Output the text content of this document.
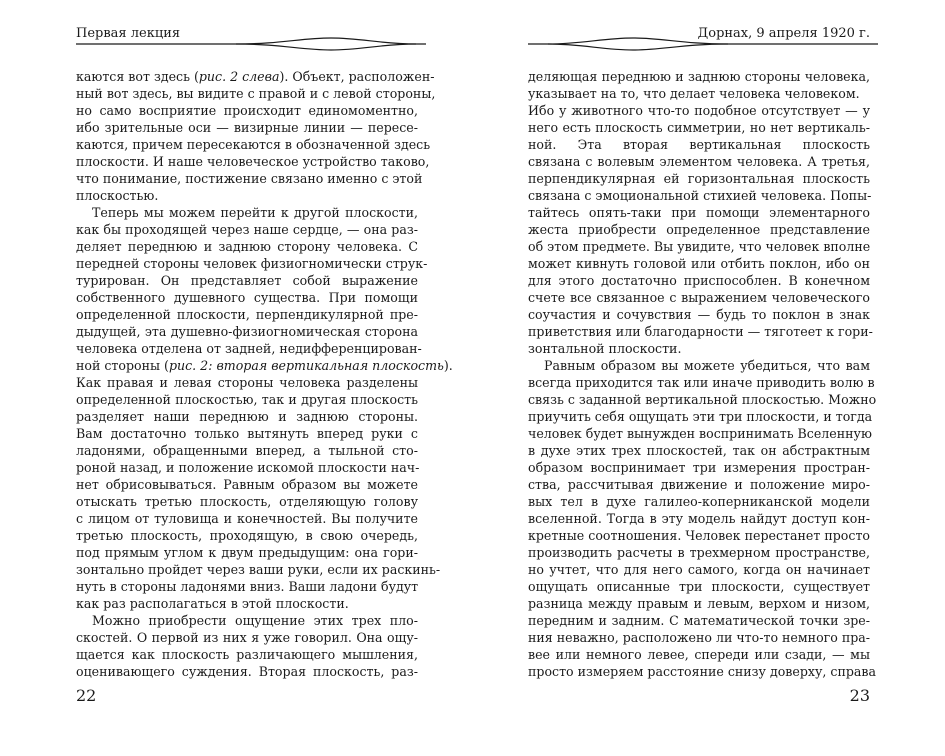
Первая лекция
каются вот здесь (рис. 2 слева). Объект, расположен-
ный вот здесь, вы видите с правой и с левой стороны,
но само восприятие происходит единомоментно,
ибо зрительные оси — визирные линии — пересе-
каются, причем пересекаются в обозначенной здесь
плоскости. И наше человеческое устройство таково,
что понимание, постижение связано именно с этой
плоскостью.
Теперь мы можем перейти к другой плоскости,
как бы проходящей через наше сердце, — она раз-
деляет переднюю и заднюю сторону человека. С
передней стороны человек физиогномически струк-
турирован. Он представляет собой выражение
собственного душевного существа. При помощи
определенной плоскости, перпендикулярной пре-
дыдущей, эта душевно-физиогномическая сторона
человека отделена от задней, недифференцирован-
ной стороны (рис. 2: вторая вертикальная плоскость).
Как правая и левая стороны человека разделены
определенной плоскостью, так и другая плоскость
разделяет наши переднюю и заднюю стороны.
Вам достаточно только вытянуть вперед руки с
ладонями, обращенными вперед, а тыльной сто-
роной назад, и положение искомой плоскости нач-
нет обрисовываться. Равным образом вы можете
отыскать третью плоскость, отделяющую голову
с лицом от туловища и конечностей. Вы получите
третью плоскость, проходящую, в свою очередь,
под прямым углом к двум предыдущим: она гори-
зонтально пройдет через ваши руки, если их раскинь-
нуть в стороны ладонями вниз. Ваши ладони будут
как раз располагаться в этой плоскости.
Можно приобрести ощущение этих трех пло-
скостей. О первой из них я уже говорил. Она ощу-
щается как плоскость различающего мышления,
оценивающего суждения. Вторая плоскость, раз-
22
Дорнах, 9 апреля 1920 г.
деляющая переднюю и заднюю стороны человека,
указывает на то, что делает человека человеком.
Ибо у животного что-то подобное отсутствует — у
него есть плоскость симметрии, но нет вертикаль-
ной. Эта вторая вертикальная плоскость
связана с волевым элементом человека. А третья,
перпендикулярная ей горизонтальная плоскость
связана с эмоциональной стихией человека. Попы-
тайтесь опять-таки при помощи элементарного
жеста приобрести определенное представление
об этом предмете. Вы увидите, что человек вполне
может кивнуть головой или отбить поклон, ибо он
для этого достаточно приспособлен. В конечном
счете все связанное с выражением человеческого
соучастия и сочувствия — будь то поклон в знак
приветствия или благодарности — тяготеет к гори-
зонтальной плоскости.
Равным образом вы можете убедиться, что вам
всегда приходится так или иначе приводить волю в
связь с заданной вертикальной плоскостью. Можно
приучить себя ощущать эти три плоскости, и тогда
человек будет вынужден воспринимать Вселенную
в духе этих трех плоскостей, так он абстрактным
образом воспринимает три измерения простран-
ства, рассчитывая движение и положение миро-
вых тел в духе галилео-коперниканской модели
вселенной. Тогда в эту модель найдут доступ кон-
кретные соотношения. Человек перестанет просто
производить расчеты в трехмерном пространстве,
но учтет, что для него самого, когда он начинает
ощущать описанные три плоскости, существует
разница между правым и левым, верхом и низом,
передним и задним. С математической точки зре-
ния неважно, расположено ли что-то немного пра-
вее или немного левее, спереди или сзади, — мы
просто измеряем расстояние снизу доверху, справа
23
